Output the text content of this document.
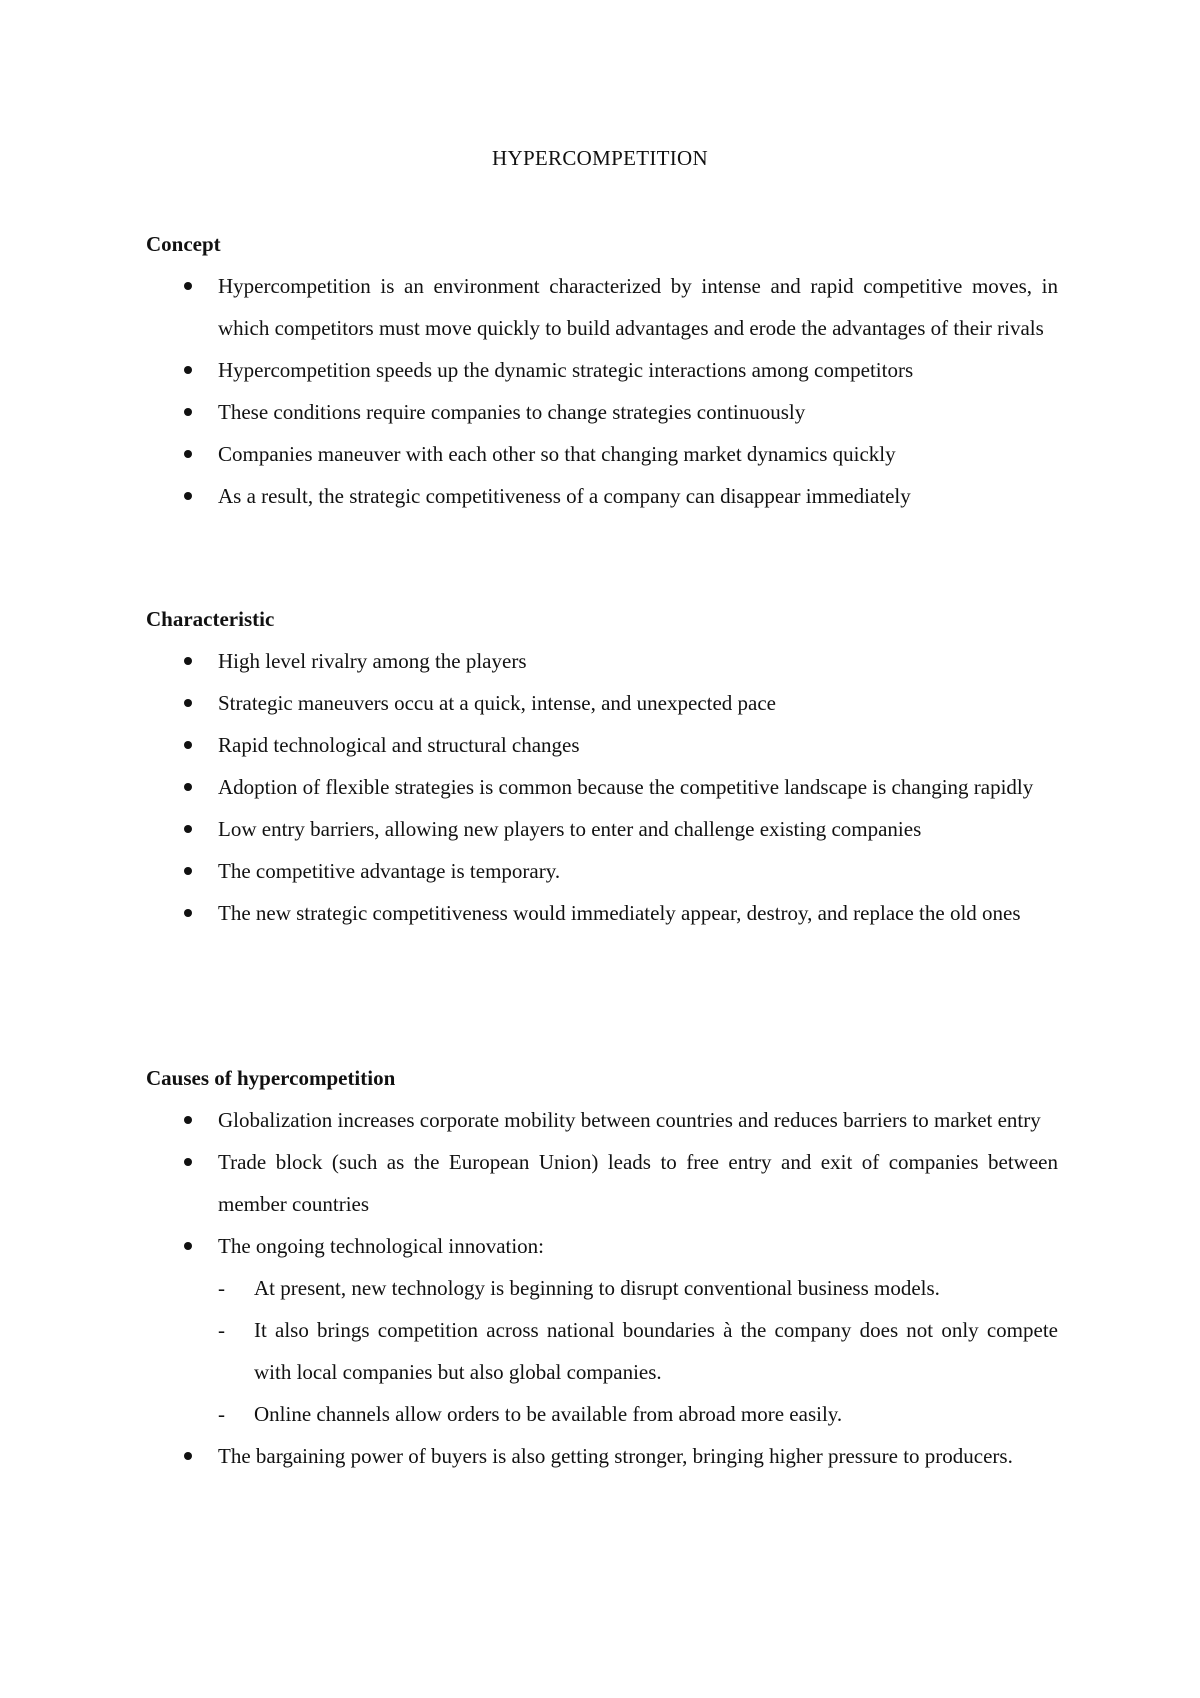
HYPERCOMPETITION
Concept
Hypercompetition is an environment characterized by intense and rapid competitive moves, in which competitors must move quickly to build advantages and erode the advantages of their rivals
Hypercompetition speeds up the dynamic strategic interactions among competitors
These conditions require companies to change strategies continuously
Companies maneuver with each other so that changing market dynamics quickly
As a result, the strategic competitiveness of a company can disappear immediately
Characteristic
High level rivalry among the players
Strategic maneuvers occu at a quick, intense, and unexpected pace
Rapid technological and structural changes
Adoption of flexible strategies is common because the competitive landscape is changing rapidly
Low entry barriers, allowing new players to enter and challenge existing companies
The competitive advantage is temporary.
The new strategic competitiveness would immediately appear, destroy, and replace the old ones
Causes of hypercompetition
Globalization increases corporate mobility between countries and reduces barriers to market entry
Trade block (such as the European Union) leads to free entry and exit of companies between member countries
The ongoing technological innovation:
- At present, new technology is beginning to disrupt conventional business models.
- It also brings competition across national boundaries à the company does not only compete with local companies but also global companies.
- Online channels allow orders to be available from abroad more easily.
The bargaining power of buyers is also getting stronger, bringing higher pressure to producers.
